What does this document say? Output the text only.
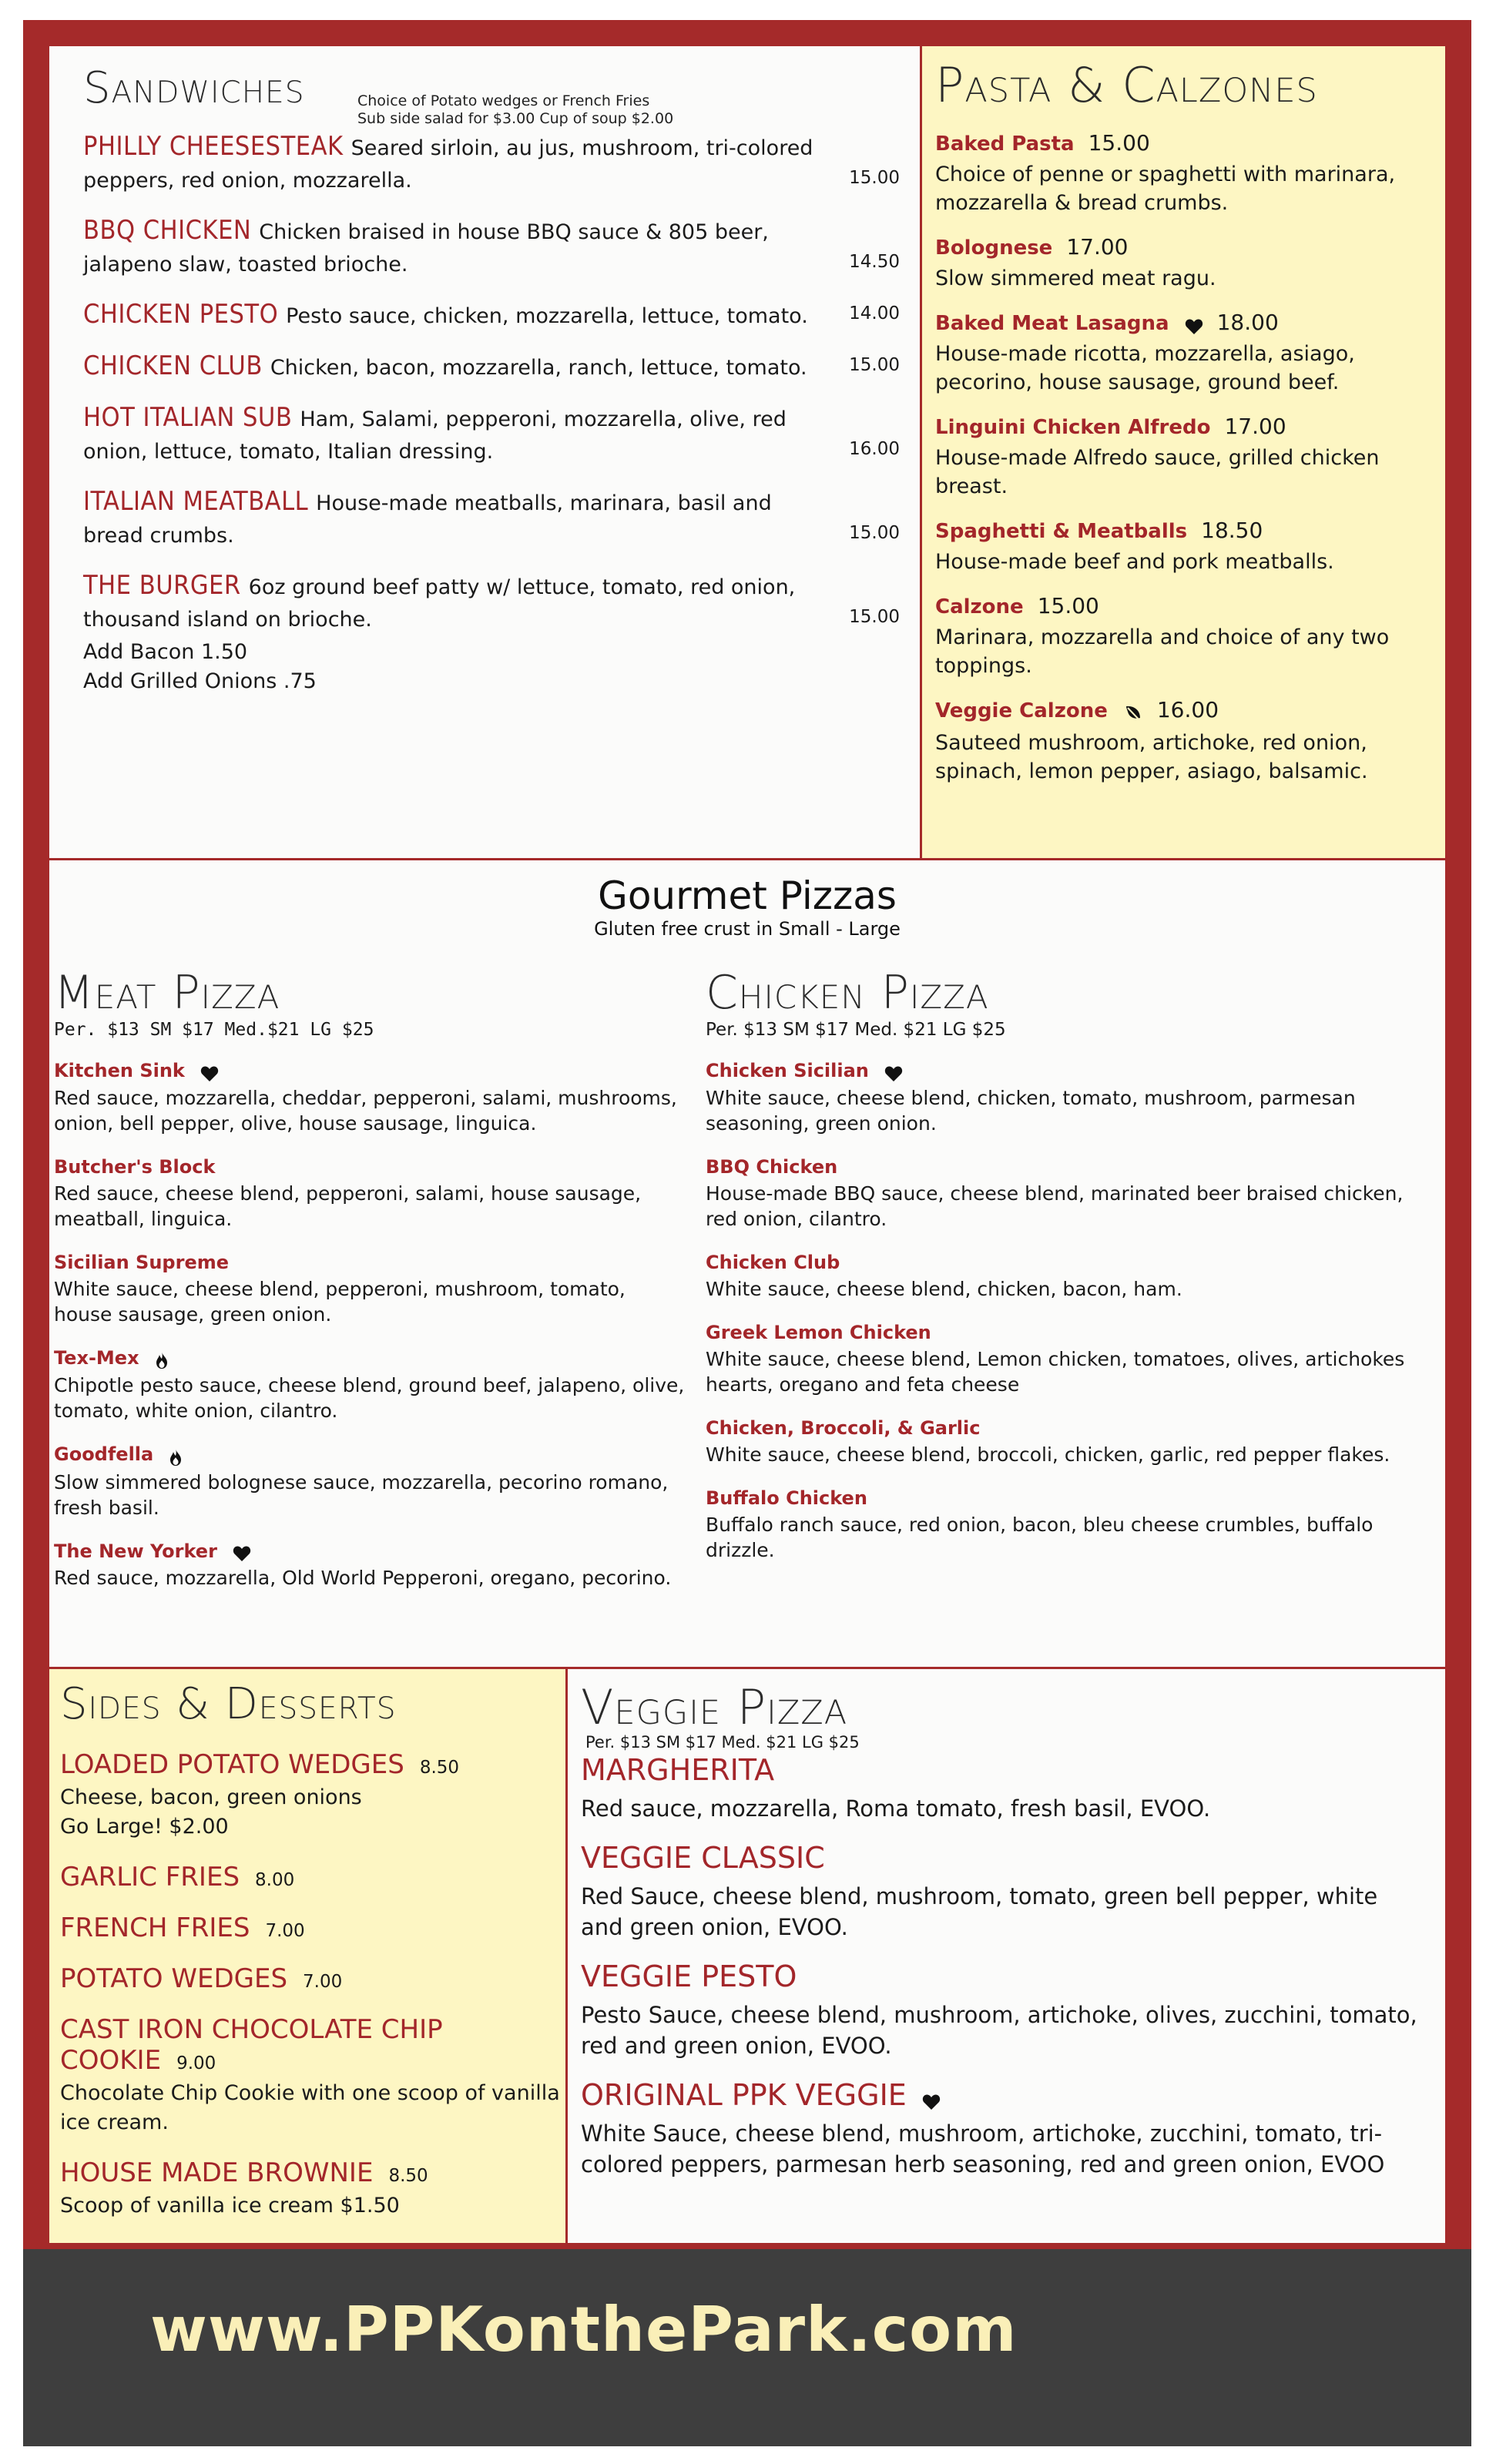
Sandwiches	Choice of Potato wedges or French Fries
Sub side salad for $3.00 Cup of soup $2.00
PHILLY CHEESESTEAK Seared sirloin, au jus, mushroom, tri-colored peppers, red onion, mozzarella.	15.00
BBQ CHICKEN Chicken braised in house BBQ sauce & 805 beer, jalapeno slaw, toasted brioche.	14.50
CHICKEN PESTO Pesto sauce, chicken, mozzarella, lettuce, tomato. 14.00
CHICKEN CLUB Chicken, bacon, mozzarella, ranch, lettuce, tomato. 15.00
HOT ITALIAN SUB Ham, Salami, pepperoni, mozzarella, olive, red onion, lettuce, tomato, Italian dressing.	16.00
ITALIAN MEATBALL House-made meatballs, marinara, basil and bread crumbs.	15.00
THE BURGER 6oz ground beef patty w/ lettuce, tomato, red onion, thousand island on brioche.	15.00
Add Bacon 1.50
Add Grilled Onions .75
Pasta & Calzones
Baked Pasta 15.00
Choice of penne or spaghetti with marinara, mozzarella & bread crumbs.
Bolognese 17.00
Slow simmered meat ragu.
Baked Meat Lasagna 18.00
House-made ricotta, mozzarella, asiago, pecorino, house sausage, ground beef.
Linguini Chicken Alfredo 17.00
House-made Alfredo sauce, grilled chicken breast.
Spaghetti & Meatballs 18.50
House-made beef and pork meatballs.
Calzone 15.00
Marinara, mozzarella and choice of any two toppings.
Veggie Calzone 16.00
Sauteed mushroom, artichoke, red onion, spinach, lemon pepper, asiago, balsamic.
Gourmet Pizzas
Gluten free crust in Small - Large
Meat Pizza
Per. $13 SM $17 Med.$21 LG $25
Kitchen Sink
Red sauce, mozzarella, cheddar, pepperoni, salami, mushrooms, onion, bell pepper, olive, house sausage, linguica.
Butcher's Block
Red sauce, cheese blend, pepperoni, salami, house sausage, meatball, linguica.
Sicilian Supreme
White sauce, cheese blend, pepperoni, mushroom, tomato, house sausage, green onion.
Tex-Mex
Chipotle pesto sauce, cheese blend, ground beef, jalapeno, olive, tomato, white onion, cilantro.
Goodfella
Slow simmered bolognese sauce, mozzarella, pecorino romano, fresh basil.
The New Yorker
Red sauce, mozzarella, Old World Pepperoni, oregano, pecorino.
Chicken Pizza
Per. $13 SM $17 Med. $21 LG $25
Chicken Sicilian
White sauce, cheese blend, chicken, tomato, mushroom, parmesan seasoning, green onion.
BBQ Chicken
House-made BBQ sauce, cheese blend, marinated beer braised chicken, red onion, cilantro.
Chicken Club
White sauce, cheese blend, chicken, bacon, ham.
Greek Lemon Chicken
White sauce, cheese blend, Lemon chicken, tomatoes, olives, artichokes hearts, oregano and feta cheese
Chicken, Broccoli, & Garlic
White sauce, cheese blend, broccoli, chicken, garlic, red pepper flakes.
Buffalo Chicken
Buffalo ranch sauce, red onion, bacon, bleu cheese crumbles, buffalo drizzle.
Sides & Desserts
LOADED POTATO WEDGES 8.50
Cheese, bacon, green onions
Go Large! $2.00
GARLIC FRIES 8.00
FRENCH FRIES 7.00
POTATO WEDGES 7.00
CAST IRON CHOCOLATE CHIP COOKIE 9.00
Chocolate Chip Cookie with one scoop of vanilla ice cream.
HOUSE MADE BROWNIE 8.50
Scoop of vanilla ice cream $1.50
Veggie Pizza
Per. $13 SM $17 Med. $21 LG $25
MARGHERITA
Red sauce, mozzarella, Roma tomato, fresh basil, EVOO.
VEGGIE CLASSIC
Red Sauce, cheese blend, mushroom, tomato, green bell pepper, white and green onion, EVOO.
VEGGIE PESTO
Pesto Sauce, cheese blend, mushroom, artichoke, olives, zucchini, tomato, red and green onion, EVOO.
ORIGINAL PPK VEGGIE
White Sauce, cheese blend, mushroom, artichoke, zucchini, tomato, tri-colored peppers, parmesan herb seasoning, red and green onion, EVOO
www.PPKonthePark.com
